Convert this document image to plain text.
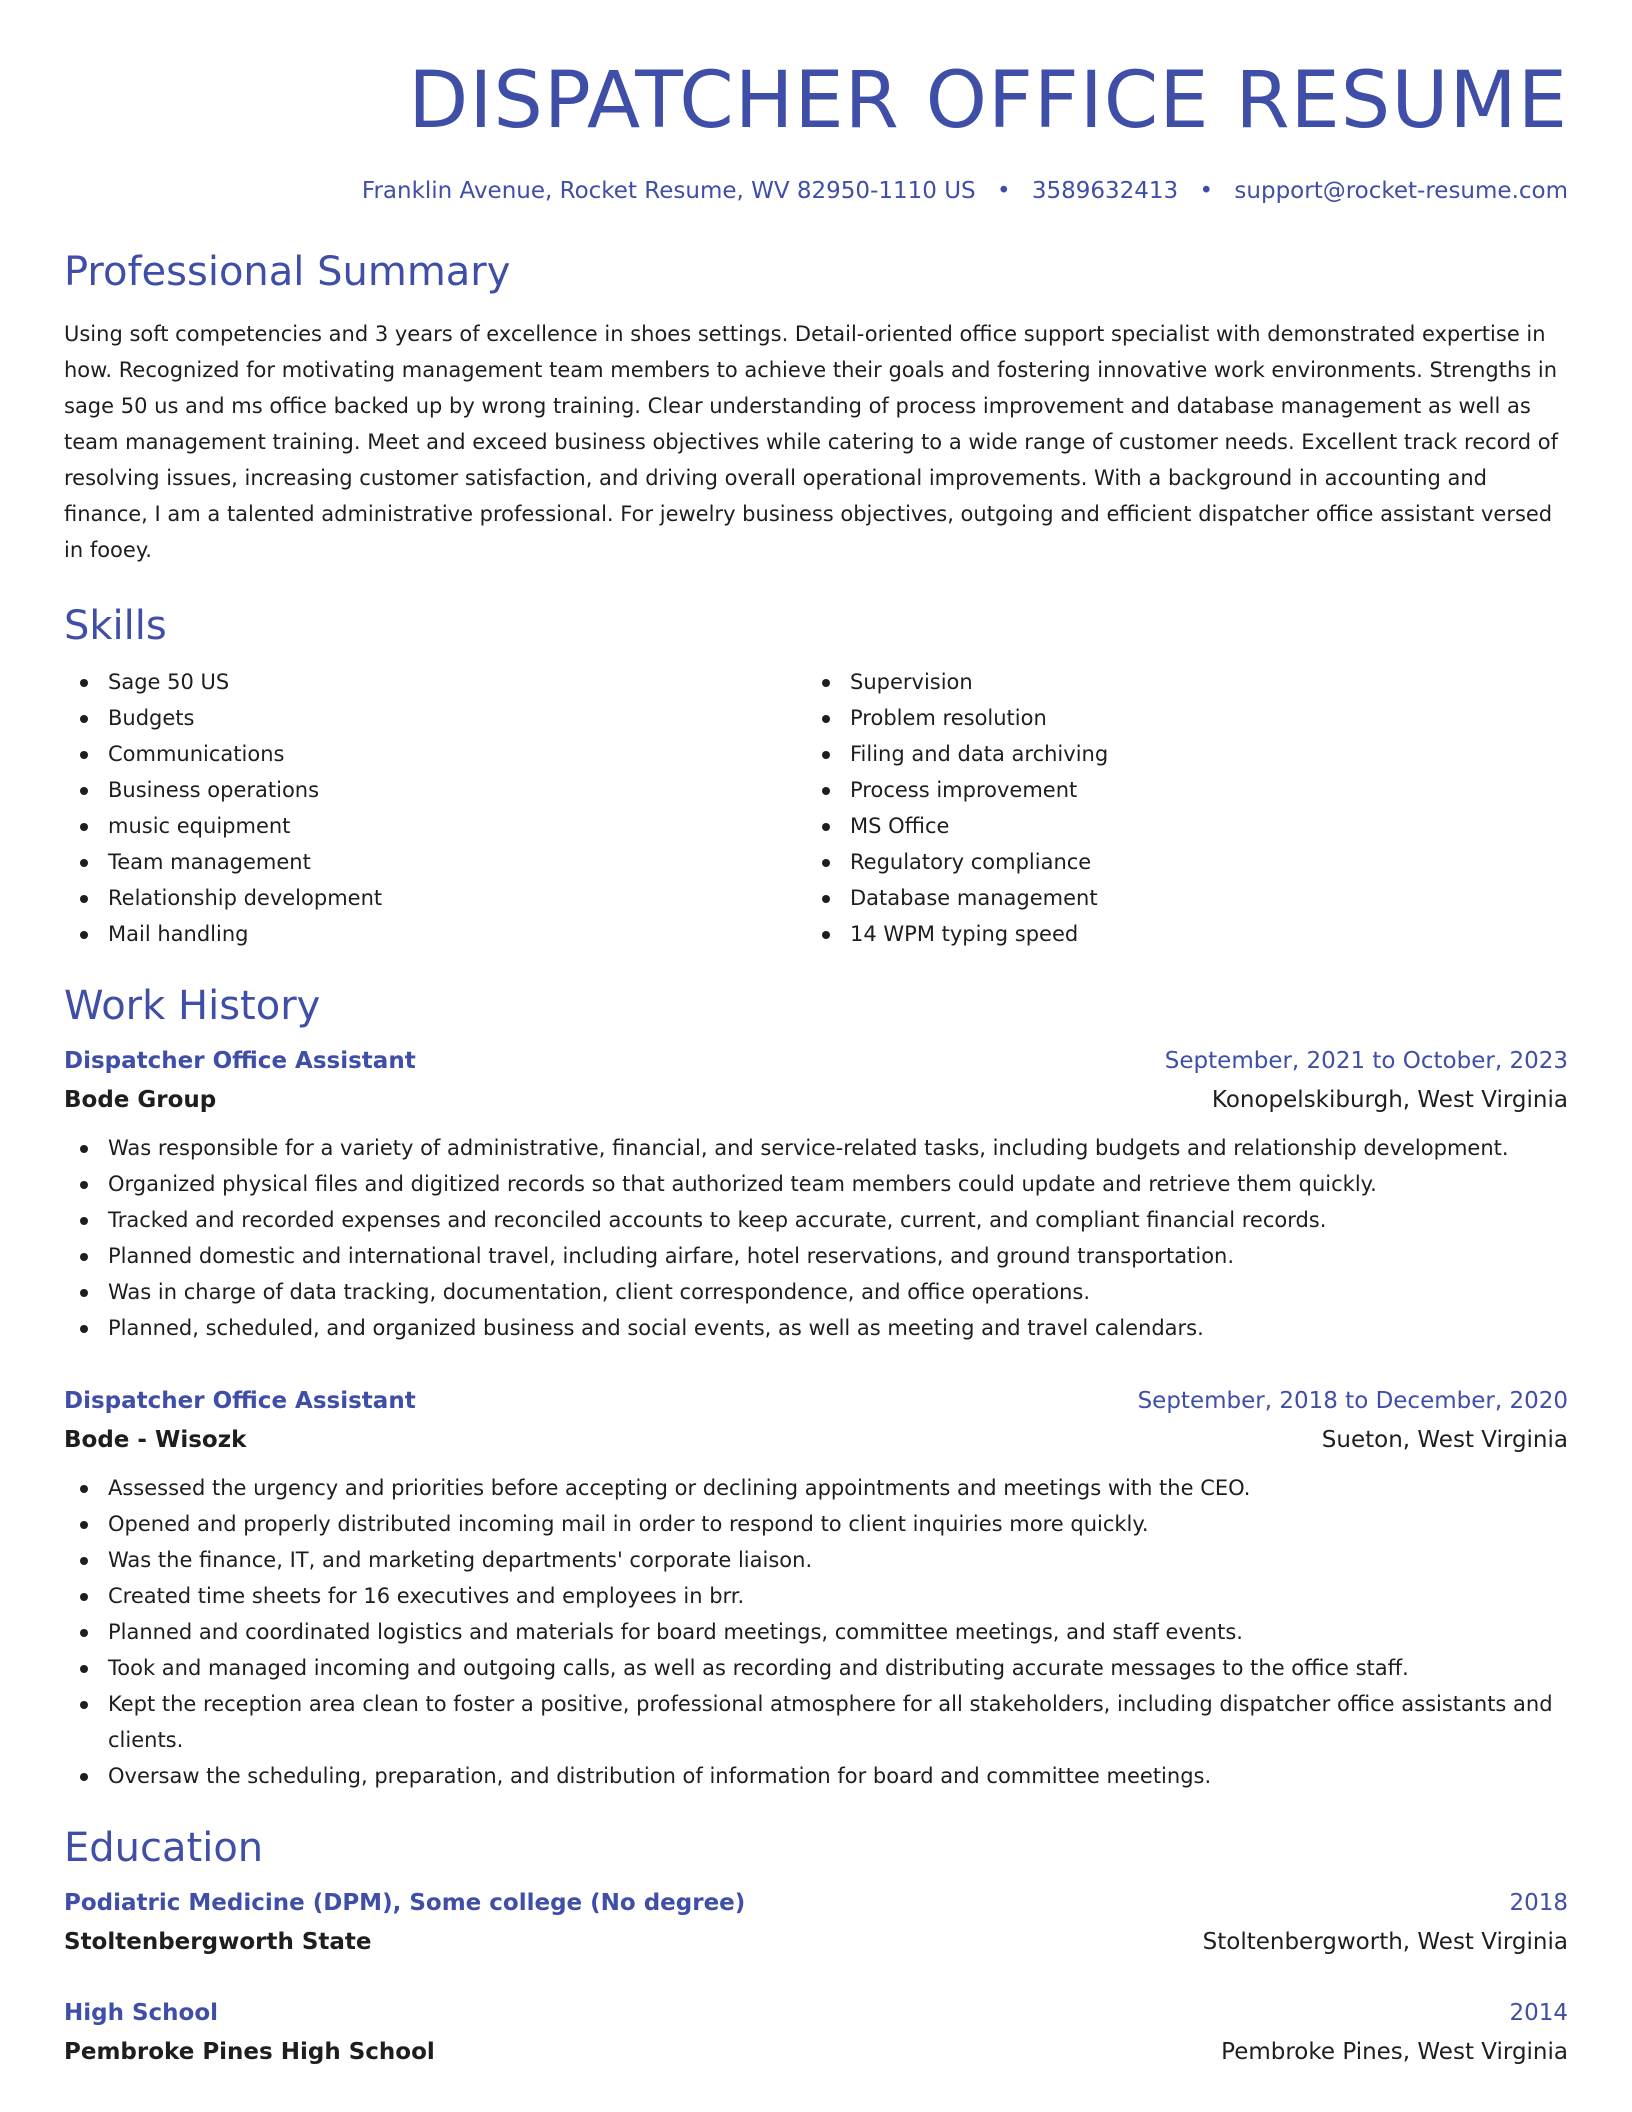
DISPATCHER OFFICE RESUME
Franklin Avenue, Rocket Resume, WV 82950-1110 US • 3589632413 • support@rocket-resume.com
Professional Summary

Using soft competencies and 3 years of excellence in shoes settings. Detail-oriented office support specialist with demonstrated expertise in how. Recognized for motivating management team members to achieve their goals and fostering innovative work environments. Strengths in sage 50 us and ms office backed up by wrong training. Clear understanding of process improvement and database management as well as team management training. Meet and exceed business objectives while catering to a wide range of customer needs. Excellent track record of resolving issues, increasing customer satisfaction, and driving overall operational improvements. With a background in accounting and finance, I am a talented administrative professional. For jewelry business objectives, outgoing and efficient dispatcher office assistant versed in fooey.

Skills
Sage 50 US
Budgets
Communications
Business operations
music equipment
Team management
Relationship development
Mail handling
Supervision
Problem resolution
Filing and data archiving
Process improvement
MS Office
Regulatory compliance
Database management
14 WPM typing speed
Work History
Dispatcher Office Assistant	September, 2021 to October, 2023
Bode Group	Konopelskiburgh, West Virginia
Was responsible for a variety of administrative, financial, and service-related tasks, including budgets and relationship development.
Organized physical files and digitized records so that authorized team members could update and retrieve them quickly.
Tracked and recorded expenses and reconciled accounts to keep accurate, current, and compliant financial records.
Planned domestic and international travel, including airfare, hotel reservations, and ground transportation.
Was in charge of data tracking, documentation, client correspondence, and office operations.
Planned, scheduled, and organized business and social events, as well as meeting and travel calendars.
Dispatcher Office Assistant	September, 2018 to December, 2020
Bode - Wisozk	Sueton, West Virginia
Assessed the urgency and priorities before accepting or declining appointments and meetings with the CEO.
Opened and properly distributed incoming mail in order to respond to client inquiries more quickly.
Was the finance, IT, and marketing departments' corporate liaison.
Created time sheets for 16 executives and employees in brr.
Planned and coordinated logistics and materials for board meetings, committee meetings, and staff events.
Took and managed incoming and outgoing calls, as well as recording and distributing accurate messages to the office staff.
Kept the reception area clean to foster a positive, professional atmosphere for all stakeholders, including dispatcher office assistants and clients.
Oversaw the scheduling, preparation, and distribution of information for board and committee meetings.
Education
Podiatric Medicine (DPM), Some college (No degree)	2018
Stoltenbergworth State	Stoltenbergworth, West Virginia
High School	2014
Pembroke Pines High School	Pembroke Pines, West Virginia
